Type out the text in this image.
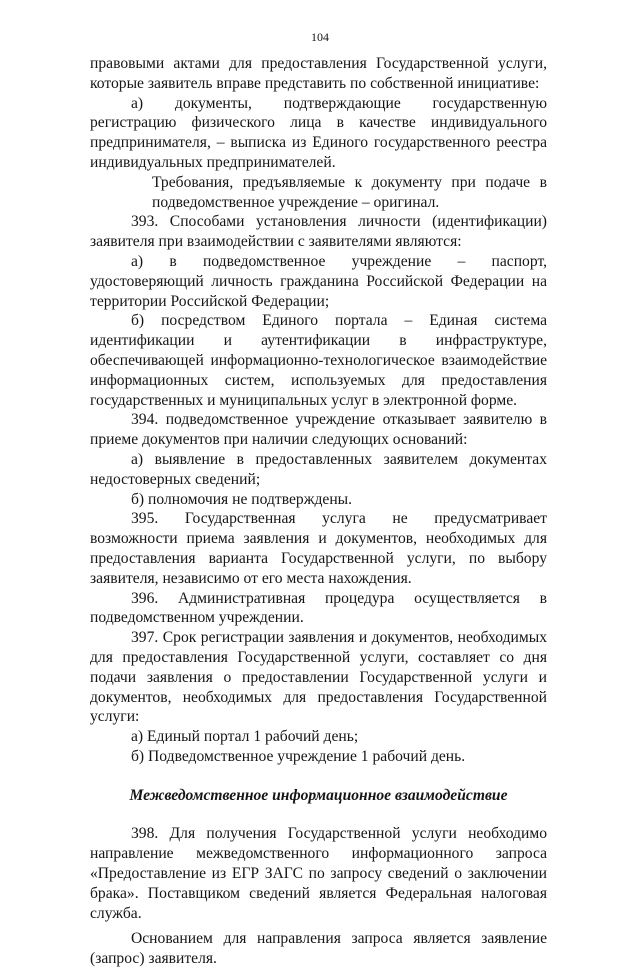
104

правовыми актами для предоставления Государственной услуги, которые заявитель вправе представить по собственной инициативе:

а) документы, подтверждающие государственную регистрацию физического лица в качестве индивидуального предпринимателя, – выписка из Единого государственного реестра индивидуальных предпринимателей.

Требования, предъявляемые к документу при подаче в подведомственное учреждение – оригинал.

393. Способами установления личности (идентификации) заявителя при взаимодействии с заявителями являются:

а) в подведомственное учреждение – паспорт, удостоверяющий личность гражданина Российской Федерации на территории Российской Федерации;

б) посредством Единого портала – Единая система идентификации и аутентификации в инфраструктуре, обеспечивающей информационно-технологическое взаимодействие информационных систем, используемых для предоставления государственных и муниципальных услуг в электронной форме.

394. подведомственное учреждение отказывает заявителю в приеме документов при наличии следующих оснований:

а) выявление в предоставленных заявителем документах недостоверных сведений;

б) полномочия не подтверждены.

395. Государственная услуга не предусматривает возможности приема заявления и документов, необходимых для предоставления варианта Государственной услуги, по выбору заявителя, независимо от его места нахождения.

396. Административная процедура осуществляется в подведомственном учреждении.

397. Срок регистрации заявления и документов, необходимых для предоставления Государственной услуги, составляет со дня подачи заявления о предоставлении Государственной услуги и документов, необходимых для предоставления Государственной услуги:

а) Единый портал 1 рабочий день;

б) Подведомственное учреждение 1 рабочий день.

Межведомственное информационное взаимодействие

398. Для получения Государственной услуги необходимо направление межведомственного информационного запроса «Предоставление из ЕГР ЗАГС по запросу сведений о заключении брака». Поставщиком сведений является Федеральная налоговая служба.

Основанием для направления запроса является заявление (запрос) заявителя.
